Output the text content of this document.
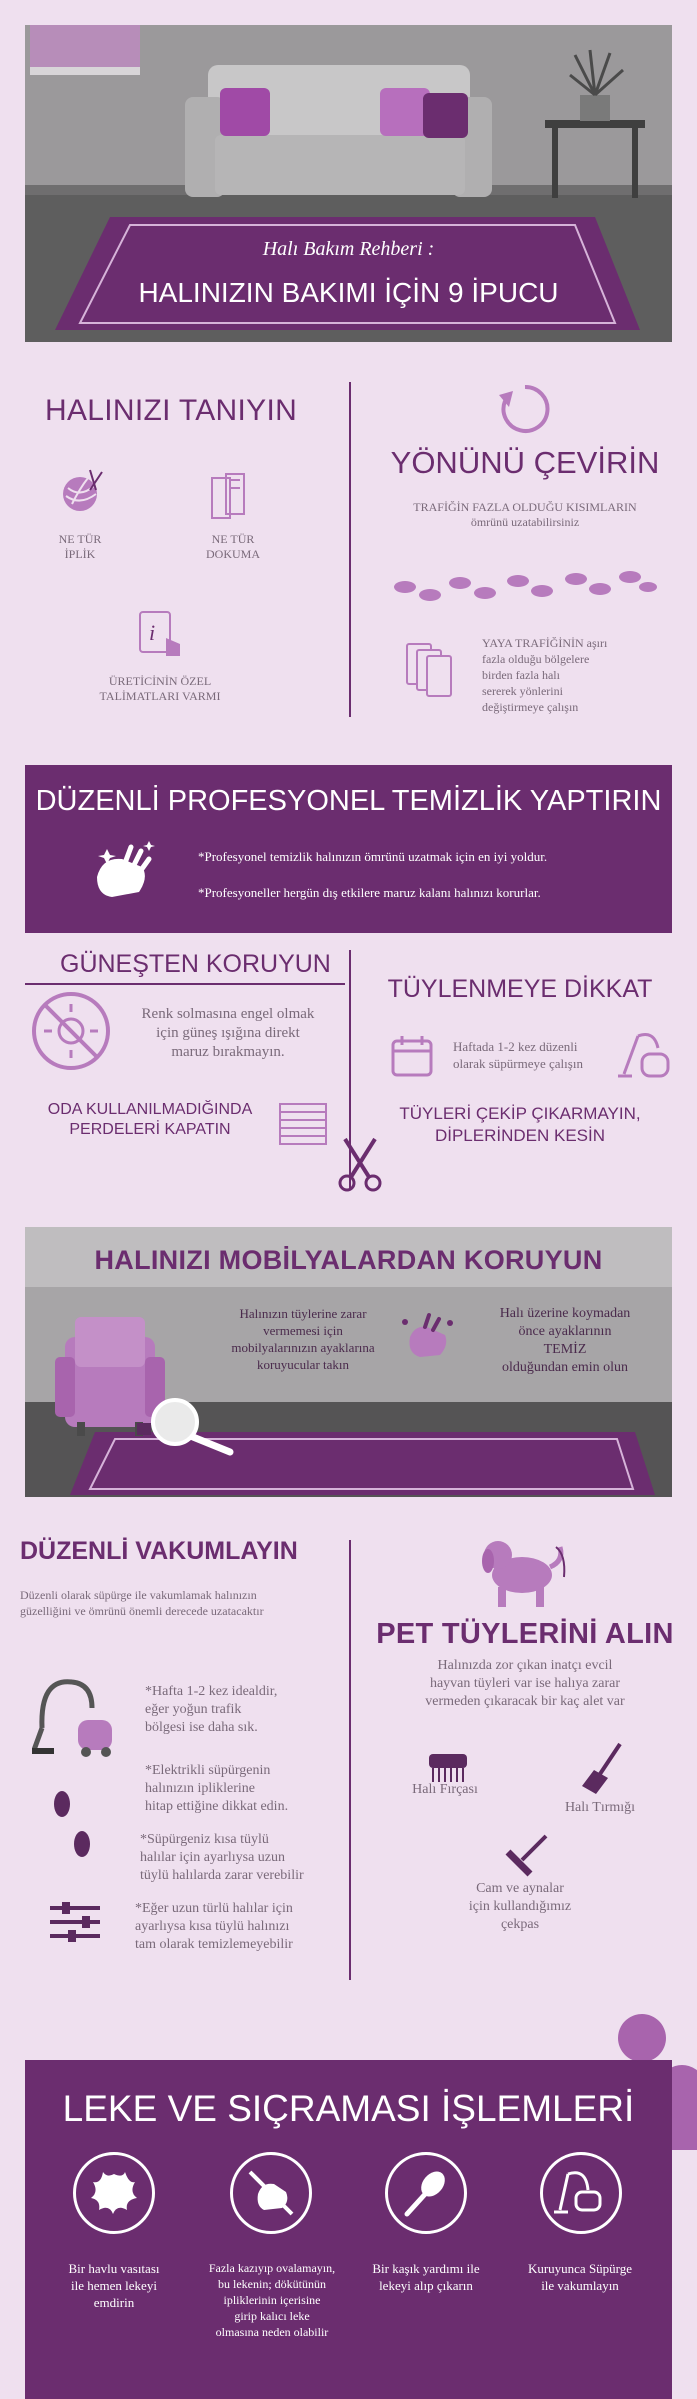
Halı Bakım Rehberi :
HALINIZIN BAKIMI İÇİN 9 İPUCU
HALINIZI TANIYIN
NE TÜR
İPLİK
NE TÜR
DOKUMA
i
ÜRETİCİNİN ÖZEL
TALİMATLARI VARMI
YÖNÜNÜ ÇEVİRİN
TRAFİĞİN FAZLA OLDUĞU KISIMLARIN
ömrünü uzatabilirsiniz
YAYA TRAFİĞİNİN aşırı
fazla olduğu bölgelere
birden fazla halı
sererek yönlerini
değiştirmeye çalışın
DÜZENLİ PROFESYONEL TEMİZLİK YAPTIRIN
*Profesyonel temizlik halınızın ömrünü uzatmak için en iyi yoldur.
*Profesyoneller hergün dış etkilere maruz kalanı halınızı korurlar.
GÜNEŞTEN KORUYUN
Renk solmasına engel olmak
için güneş ışığına direkt
maruz bırakmayın.
ODA KULLANILMADIĞINDA
PERDELERİ KAPATIN
TÜYLENMEYE DİKKAT
Haftada 1-2 kez düzenli
olarak süpürmeye çalışın
TÜYLERİ ÇEKİP ÇIKARMAYIN,
DİPLERİNDEN KESİN
HALINIZI MOBİLYALARDAN KORUYUN
Halınızın tüylerine zarar
vermemesi için
mobilyalarınızın ayaklarına
koruyucular takın
Halı üzerine koymadan
önce ayaklarının
TEMİZ
olduğundan emin olun
DÜZENLİ VAKUMLAYIN
Düzenli olarak süpürge ile vakumlamak halınızın
güzelliğini ve ömrünü önemli derecede uzatacaktır
*Hafta 1-2 kez idealdir,
eğer yoğun trafik
bölgesi ise daha sık.
*Elektrikli süpürgenin
halınızın ipliklerine
hitap ettiğine dikkat edin.
*Süpürgeniz kısa tüylü
halılar için ayarlıysa uzun
tüylü halılarda zarar verebilir
*Eğer uzun türlü halılar için
ayarlıysa kısa tüylü halınızı
tam olarak temizlemeyebilir
PET TÜYLERİNİ ALIN
Halınızda zor çıkan inatçı evcil
hayvan tüyleri var ise halıya zarar
vermeden çıkaracak bir kaç alet var
Halı Fırçası
Halı Tırmığı
Cam ve aynalar
için kullandığımız
çekpas
LEKE VE SIÇRAMASI İŞLEMLERİ
Bir havlu vasıtası
ile hemen lekeyi
emdirin
Fazla kazıyıp ovalamayın,
bu lekenin; dökütünün
ipliklerinin içerisine
girip kalıcı leke
olmasına neden olabilir
Bir kaşık yardımı ile
lekeyi alıp çıkarın
Kuruyunca Süpürge
ile vakumlayın
